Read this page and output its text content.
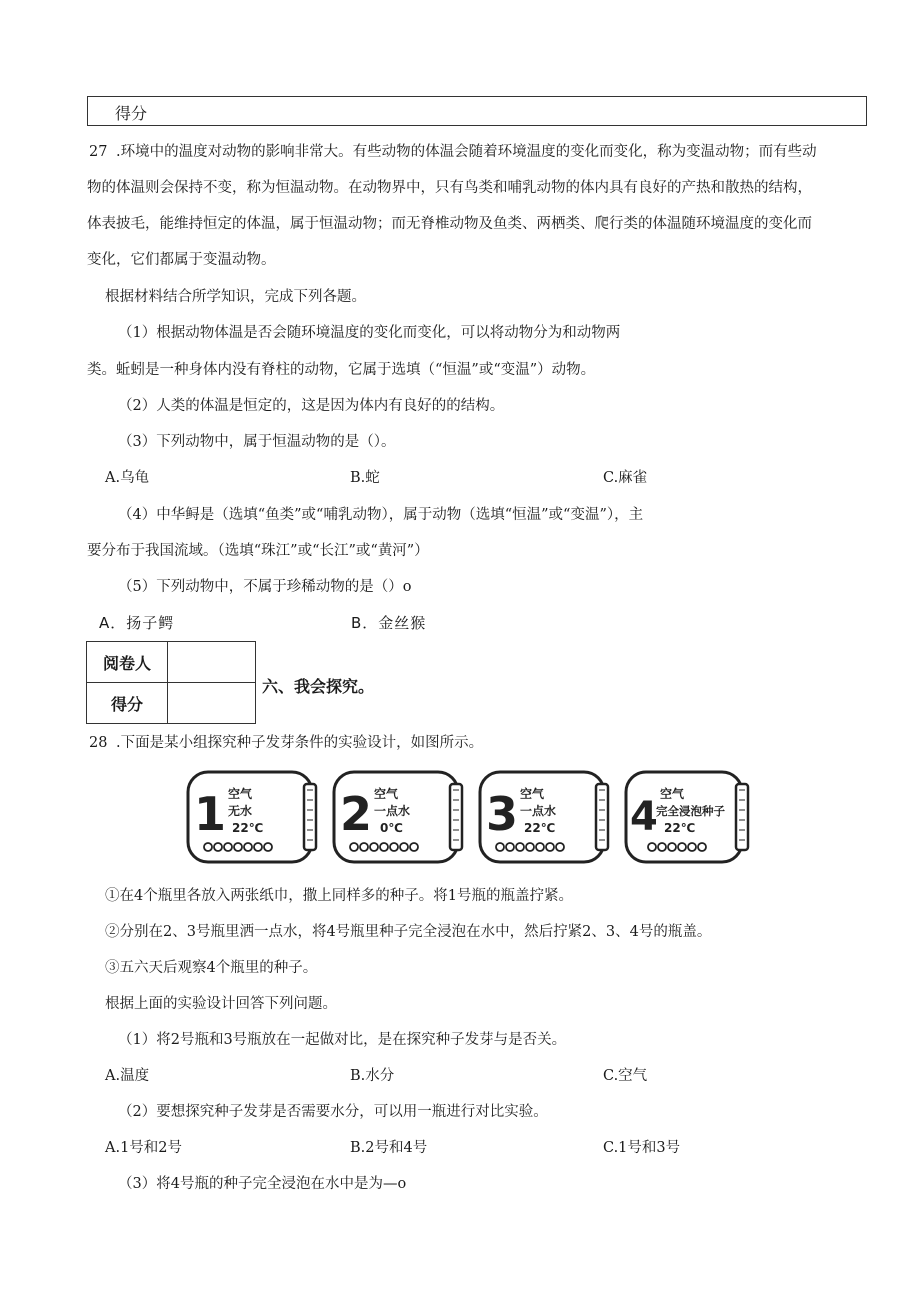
得分
27 .环境中的温度对动物的影响非常大。有些动物的体温会随着环境温度的变化而变化，称为变温动物；而有些动
物的体温则会保持不变，称为恒温动物。在动物界中，只有鸟类和哺乳动物的体内具有良好的产热和散热的结构，
体表披毛，能维持恒定的体温，属于恒温动物；而无脊椎动物及鱼类、两栖类、爬行类的体温随环境温度的变化而
变化，它们都属于变温动物。
根据材料结合所学知识，完成下列各题。
（1）根据动物体温是否会随环境温度的变化而变化，可以将动物分为和动物两
类。蚯蚓是一种身体内没有脊柱的动物，它属于选填（“恒温”或“变温”）动物。
（2）人类的体温是恒定的，这是因为体内有良好的的结构。
（3）下列动物中，属于恒温动物的是（）。
A.乌龟	B.蛇	C.麻雀
（4）中华鲟是（选填“鱼类”或“哺乳动物），属于动物（选填“恒温”或“变温”），主
要分布于我国流域。（选填“珠江”或“长江”或“黄河”）
（5）下列动物中，不属于珍稀动物的是（）o
A．扬子鳄	B．金丝猴
阅卷人	
得分	
六、我会探究。
28 .下面是某小组探究种子发芽条件的实验设计，如图所示。
1 空气
无水
22℃ 2 空气
一点水
0℃ 3 空气
一点水
22℃ 4 空气
完全浸泡种子
22℃
①在4个瓶里各放入两张纸巾，撒上同样多的种子。将1号瓶的瓶盖拧紧。
②分别在2、3号瓶里洒一点水，将4号瓶里种子完全浸泡在水中，然后拧紧2、3、4号的瓶盖。
③五六天后观察4个瓶里的种子。
根据上面的实验设计回答下列问题。
（1）将2号瓶和3号瓶放在一起做对比，是在探究种子发芽与是否关。
A.温度	B.水分	C.空气
（2）要想探究种子发芽是否需要水分，可以用一瓶进行对比实验。
A.1号和2号	B.2号和4号	C.1号和3号
（3）将4号瓶的种子完全浸泡在水中是为—o
